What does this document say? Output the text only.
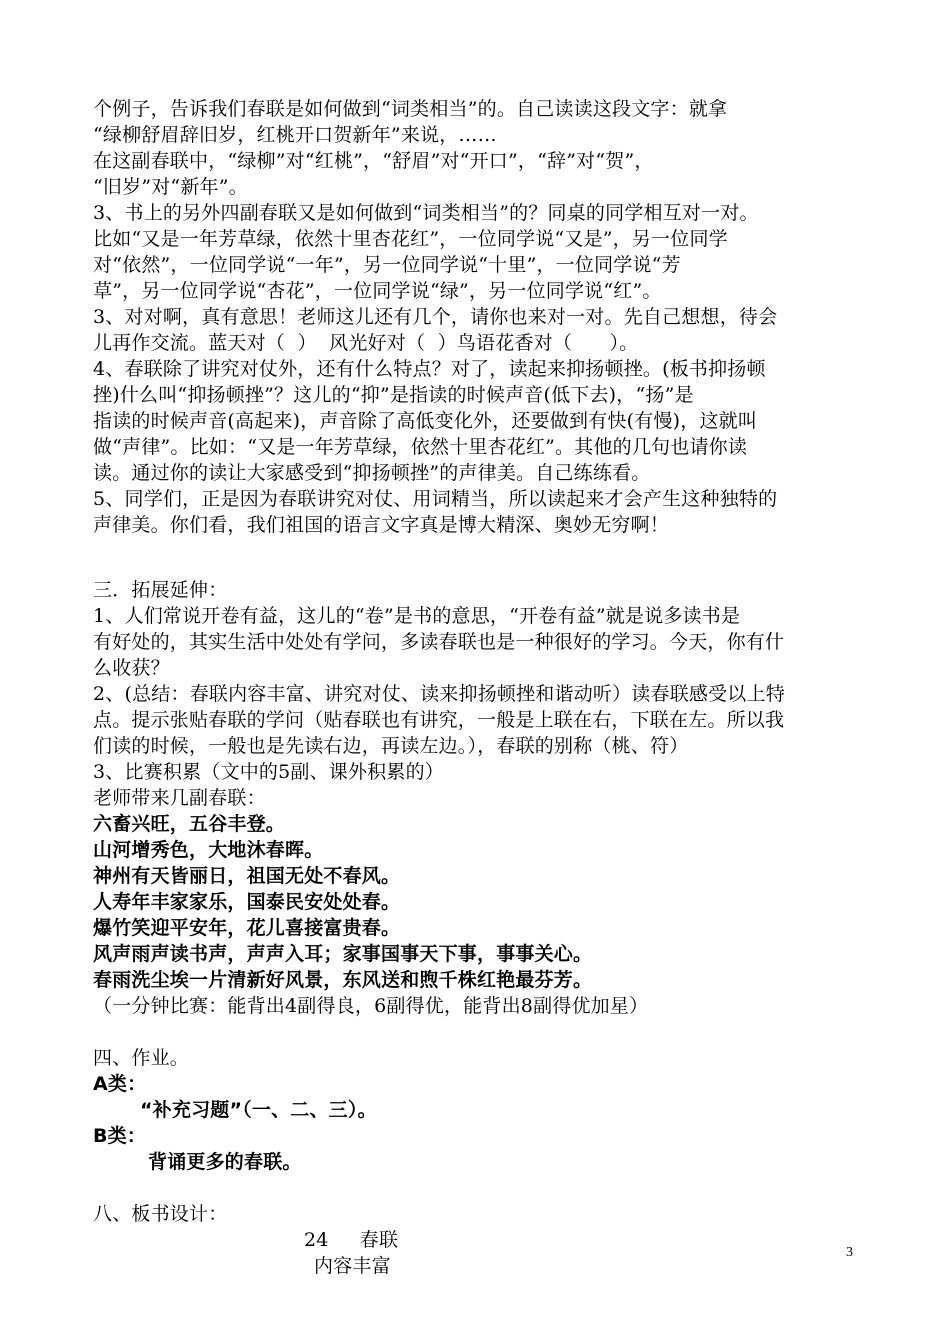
个例子，告诉我们春联是如何做到“词类相当”的。自己读读这段文字：就拿
“绿柳舒眉辞旧岁，红桃开口贺新年”来说，……
在这副春联中，“绿柳”对“红桃”，“舒眉”对“开口”，“辞”对“贺”，
“旧岁”对“新年”。
3、书上的另外四副春联又是如何做到“词类相当”的？同桌的同学相互对一对。
比如“又是一年芳草绿，依然十里杏花红”，一位同学说“又是”，另一位同学
对“依然”，一位同学说“一年”，另一位同学说“十里”，一位同学说“芳
草”，另一位同学说“杏花”，一位同学说“绿”，另一位同学说“红”。
3、对对啊，真有意思！老师这儿还有几个，请你也来对一对。先自己想想，待会
儿再作交流。蓝天对（  ）  风光好对（  ）鸟语花香对（      ）。
4、春联除了讲究对仗外，还有什么特点？对了，读起来抑扬顿挫。(板书抑扬顿
挫)什么叫“抑扬顿挫”？这儿的“抑”是指读的时候声音(低下去)，“扬”是
指读的时候声音(高起来)，声音除了高低变化外，还要做到有快(有慢)，这就叫
做“声律”。比如：“又是一年芳草绿，依然十里杏花红”。其他的几句也请你读
读。通过你的读让大家感受到“抑扬顿挫”的声律美。自己练练看。
5、同学们，正是因为春联讲究对仗、用词精当，所以读起来才会产生这种独特的
声律美。你们看，我们祖国的语言文字真是博大精深、奥妙无穷啊！
三．拓展延伸：
1、人们常说开卷有益，这儿的“卷”是书的意思，“开卷有益”就是说多读书是
有好处的，其实生活中处处有学问，多读春联也是一种很好的学习。今天，你有什
么收获？
2、(总结：春联内容丰富、讲究对仗、读来抑扬顿挫和谐动听）读春联感受以上特
点。提示张贴春联的学问（贴春联也有讲究，一般是上联在右，下联在左。所以我
们读的时候，一般也是先读右边，再读左边。），春联的别称（桃、符）
3、比赛积累（文中的5副、课外积累的）
老师带来几副春联：
六畜兴旺，五谷丰登。
山河增秀色，大地沐春晖。
神州有天皆丽日，祖国无处不春风。
人寿年丰家家乐，国泰民安处处春。
爆竹笑迎平安年，花儿喜接富贵春。
风声雨声读书声，声声入耳；家事国事天下事，事事关心。
春雨洗尘埃一片清新好风景，东风送和煦千株红艳最芬芳。
（一分钟比赛：能背出4副得良，6副得优，能背出8副得优加星）
四、作业。
A类：
“补充习题”（一、二、三）。
B类：
背诵更多的春联。
八、板书设计：
24     春联
内容丰富
3
